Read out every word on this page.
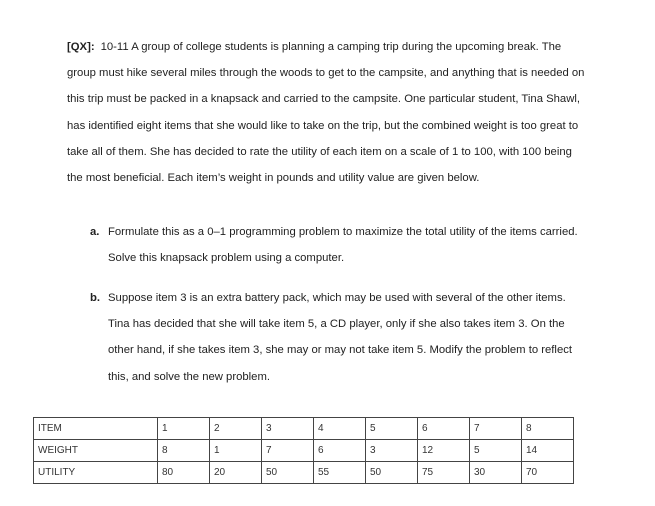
[QX]: 10-11 A group of college students is planning a camping trip during the upcoming break. The group must hike several miles through the woods to get to the campsite, and anything that is needed on this trip must be packed in a knapsack and carried to the campsite. One particular student, Tina Shawl, has identified eight items that she would like to take on the trip, but the combined weight is too great to take all of them. She has decided to rate the utility of each item on a scale of 1 to 100, with 100 being the most beneficial. Each item’s weight in pounds and utility value are given below.
a. Formulate this as a 0–1 programming problem to maximize the total utility of the items carried. Solve this knapsack problem using a computer.
b. Suppose item 3 is an extra battery pack, which may be used with several of the other items. Tina has decided that she will take item 5, a CD player, only if she also takes item 3. On the other hand, if she takes item 3, she may or may not take item 5. Modify the problem to reflect this, and solve the new problem.
ITEM	1	2	3	4	5	6	7	8
WEIGHT	8	1	7	6	3	12	5	14
UTILITY	80	20	50	55	50	75	30	70
